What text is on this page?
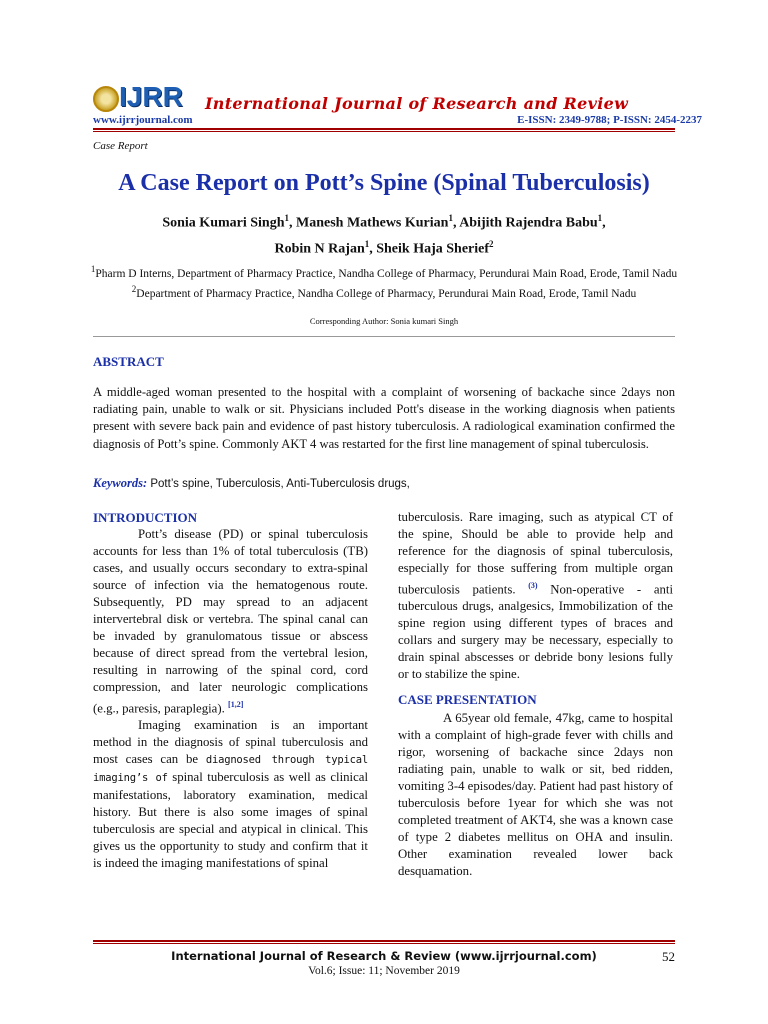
IJRR International Journal of Research and Review
www.ijrrjournal.com	E-ISSN: 2349-9788; P-ISSN: 2454-2237
Case Report
A Case Report on Pott’s Spine (Spinal Tuberculosis)
Sonia Kumari Singh$^1$, Manesh Mathews Kurian$^1$, Abijith Rajendra Babu$^1$,
Robin N Rajan$^1$, Sheik Haja Sherief$^2$
$^1$Pharm D Interns, Department of Pharmacy Practice, Nandha College of Pharmacy, Perundurai Main Road, Erode, Tamil Nadu
$^2$Department of Pharmacy Practice, Nandha College of Pharmacy, Perundurai Main Road, Erode, Tamil Nadu
Corresponding Author: Sonia kumari Singh
ABSTRACT
A middle-aged woman presented to the hospital with a complaint of worsening of backache since 2days non radiating pain, unable to walk or sit. Physicians included Pott's disease in the working diagnosis when patients present with severe back pain and evidence of past history tuberculosis. A radiological examination confirmed the diagnosis of Pott’s spine. Commonly AKT 4 was restarted for the first line management of spinal tuberculosis.
Keywords: Pott’s spine, Tuberculosis, Anti-Tuberculosis drugs,

INTRODUCTION

Pott’s disease (PD) or spinal tuberculosis accounts for less than 1% of total tuberculosis (TB) cases, and usually occurs secondary to extra-spinal source of infection via the hematogenous route. Subsequently, PD may spread to an adjacent intervertebral disk or vertebra. The spinal canal can be invaded by granulomatous tissue or abscess because of direct spread from the vertebral lesion, resulting in narrowing of the spinal cord, cord compression, and later neurologic complications (e.g., paresis, paraplegia). [1,2]

Imaging examination is an important method in the diagnosis of spinal tuberculosis and most cases can be diagnosed through typical imaging’s of spinal tuberculosis as well as clinical manifestations, laboratory examination, medical history. But there is also some images of spinal tuberculosis are special and atypical in clinical. This gives us the opportunity to study and confirm that it is indeed the imaging manifestations of spinal

tuberculosis. Rare imaging, such as atypical CT of the spine, Should be able to provide help and reference for the diagnosis of spinal tuberculosis, especially for those suffering from multiple organ tuberculosis patients. $^{(3)}$ Non-operative - anti tuberculous drugs, analgesics, Immobilization of the spine region using different types of braces and collars and surgery may be necessary, especially to drain spinal abscesses or debride bony lesions fully or to stabilize the spine.

CASE PRESENTATION

A 65year old female, 47kg, came to hospital with a complaint of high-grade fever with chills and rigor, worsening of backache since 2days non radiating pain, unable to walk or sit, bed ridden, vomiting 3-4 episodes/day. Patient had past history of tuberculosis before 1year for which she was not completed treatment of AKT4, she was a known case of type 2 diabetes mellitus on OHA and insulin. Other examination revealed lower back desquamation.

International Journal of Research & Review (www.ijrrjournal.com)
Vol.6; Issue: 11; November 2019
52
